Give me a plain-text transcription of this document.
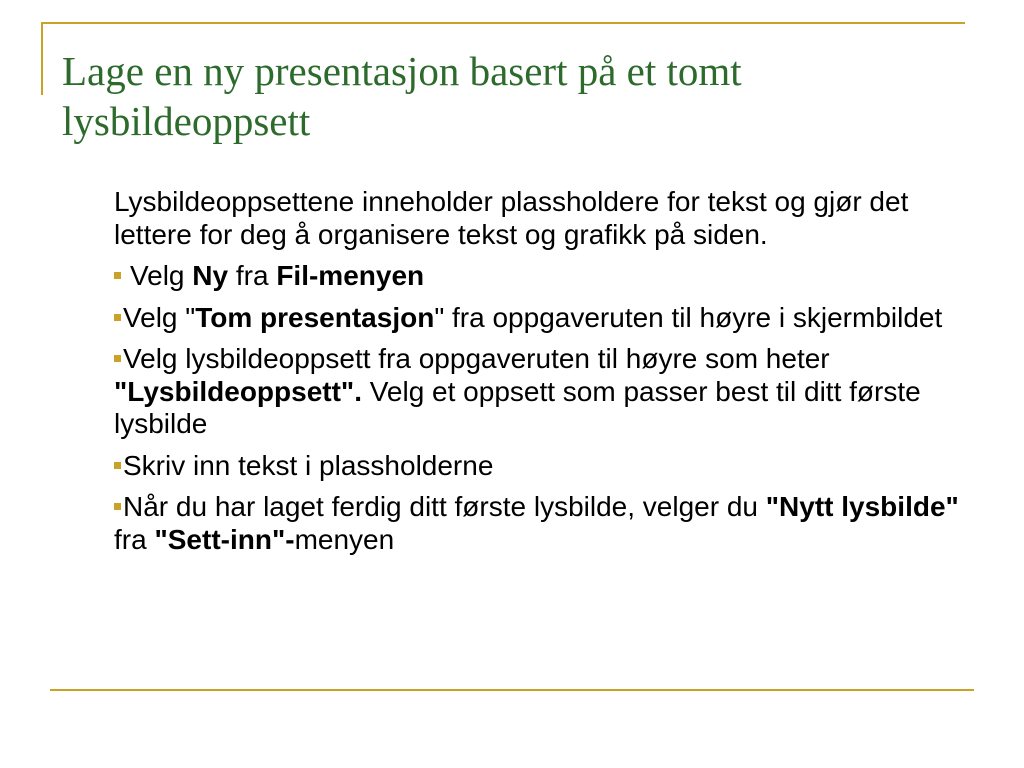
Lage en ny presentasjon basert på et tomt
lysbildeoppsett

Lysbildeoppsettene inneholder plassholdere for tekst og gjør det lettere for deg å organisere tekst og grafikk på siden.

Velg Ny fra Fil-menyen

Velg "Tom presentasjon" fra oppgaveruten til høyre i skjermbildet

Velg lysbildeoppsett fra oppgaveruten til høyre som heter "Lysbildeoppsett". Velg et oppsett som passer best til ditt første lysbilde

Skriv inn tekst i plassholderne

Når du har laget ferdig ditt første lysbilde, velger du "Nytt lysbilde" fra "Sett-inn"-menyen
